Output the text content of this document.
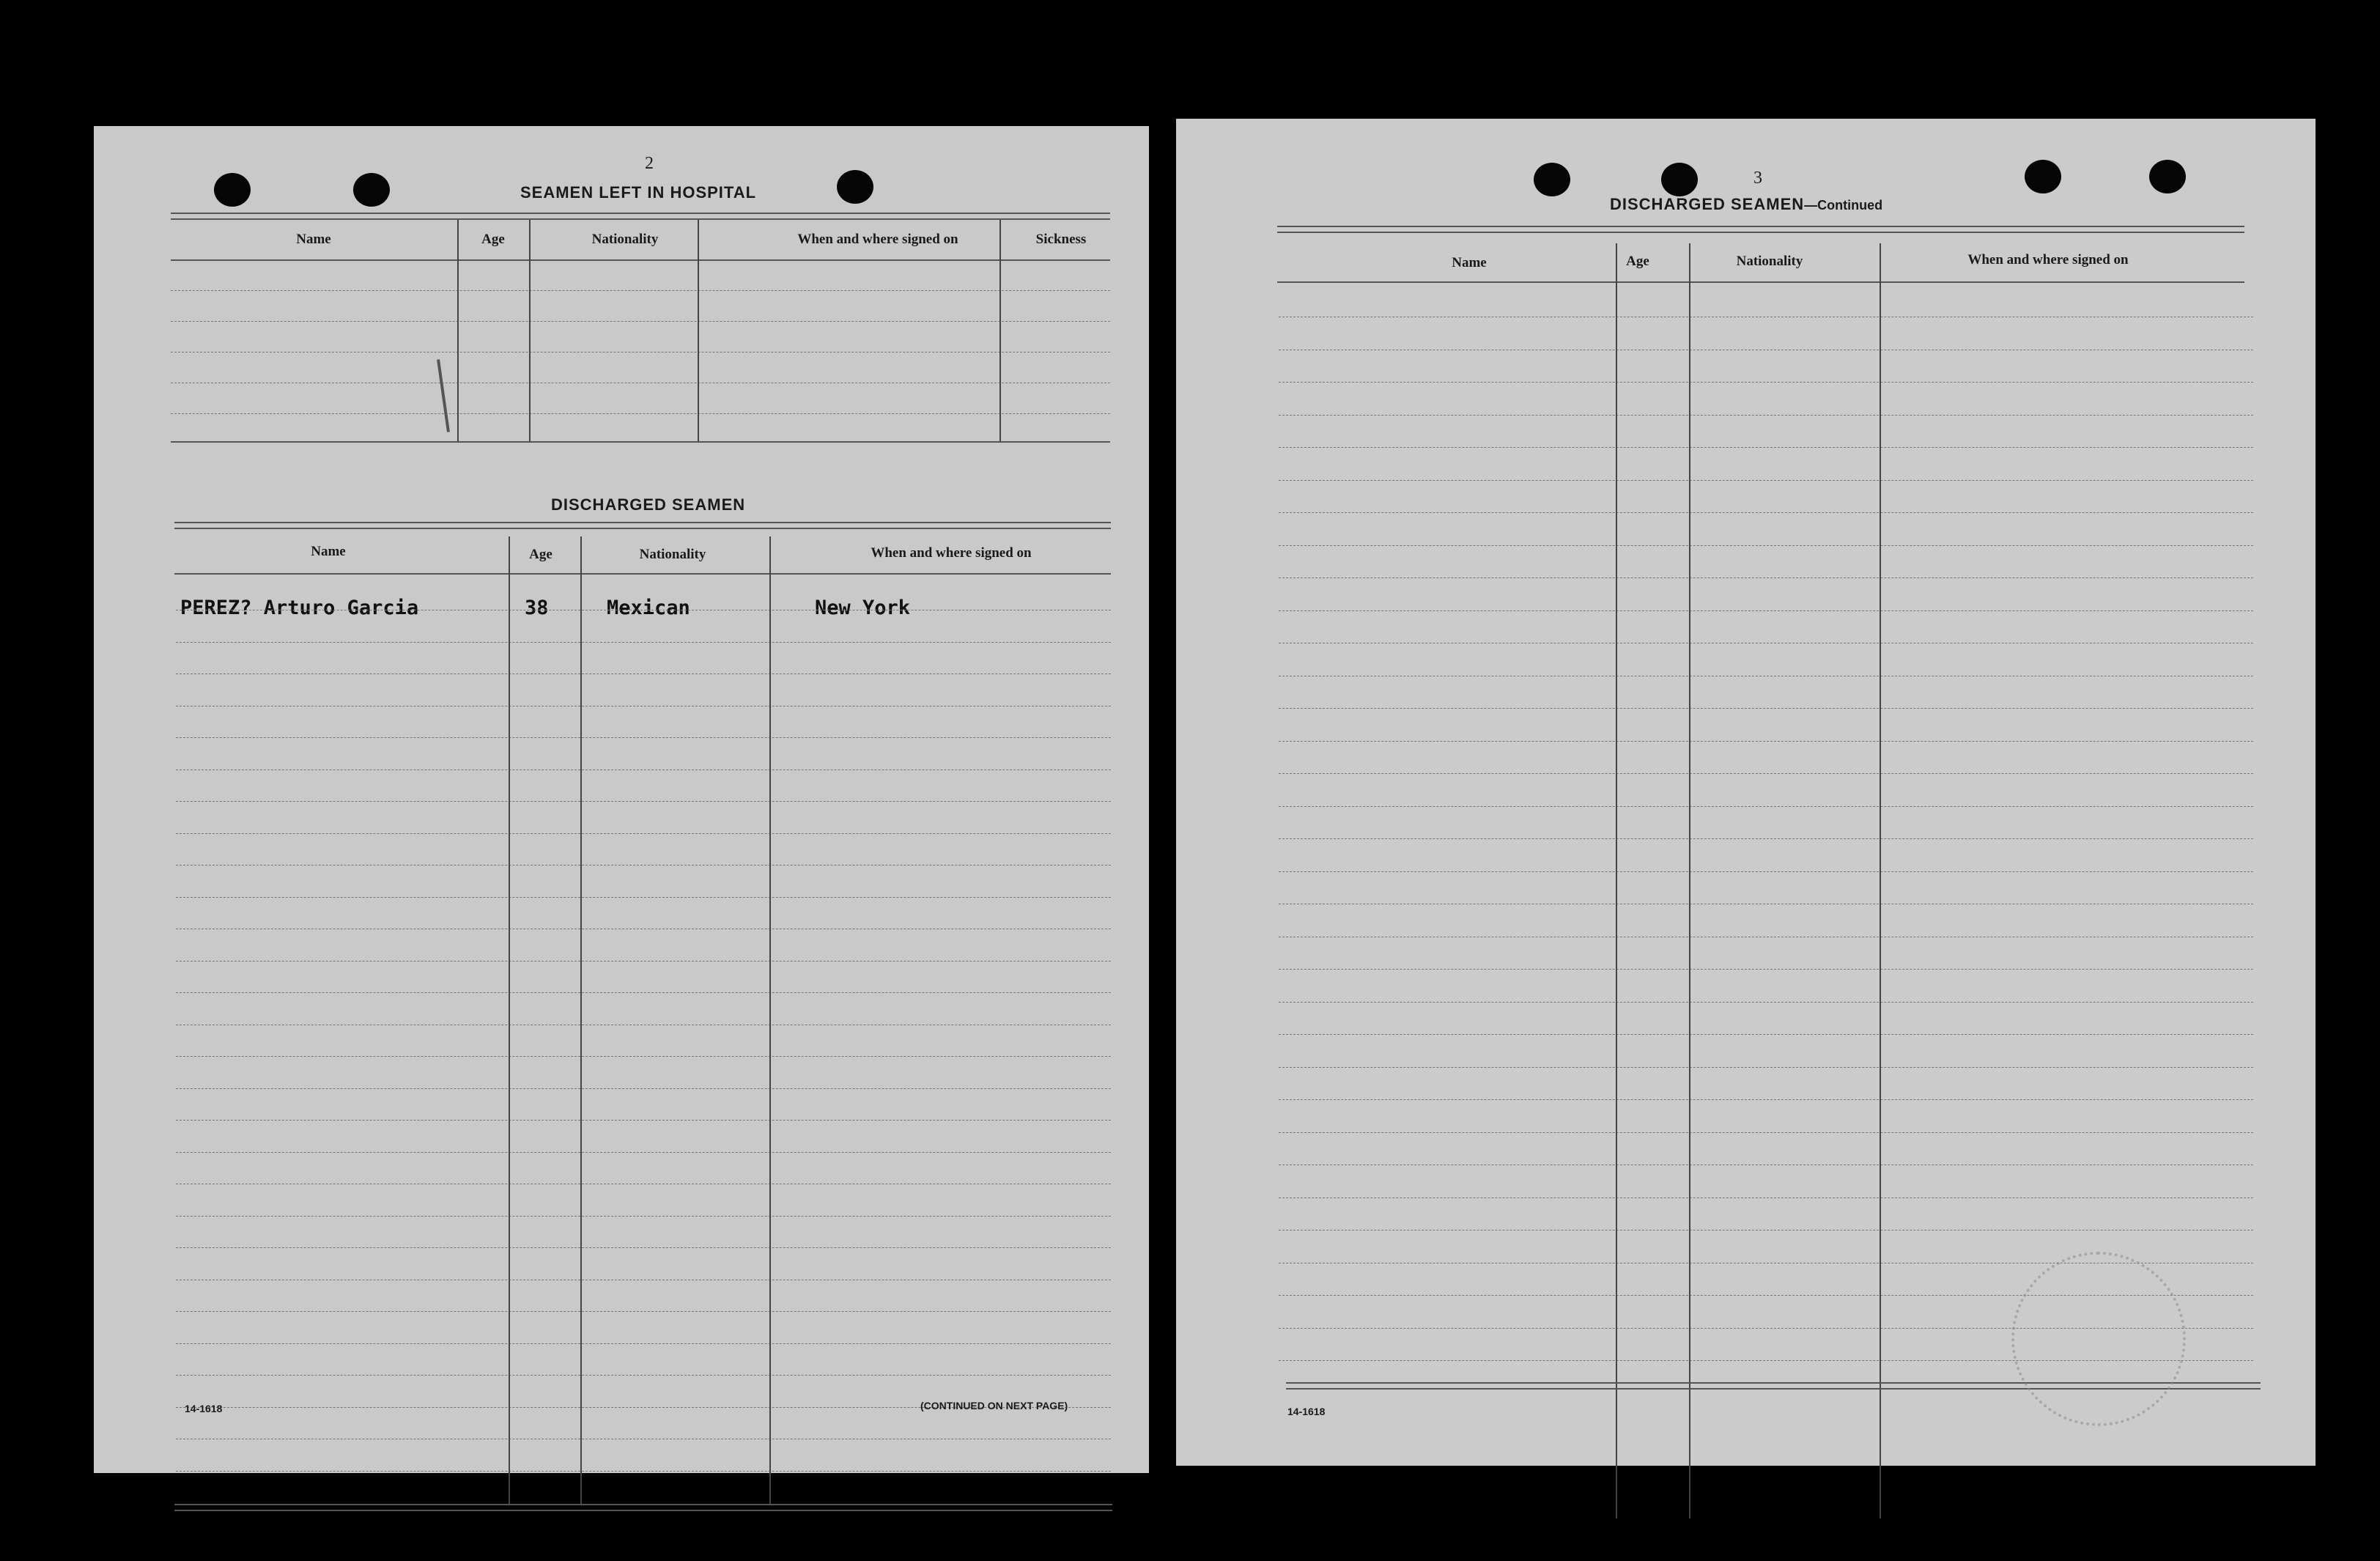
2
SEAMEN LEFT IN HOSPITAL
Name	Age	Nationality	When and where signed on	Sickness
DISCHARGED SEAMEN
Name	Age	Nationality	When and where signed on
PEREZ? Arturo Garcia	38	Mexican	New York
14-1618	(CONTINUED ON NEXT PAGE)
3
DISCHARGED SEAMEN—Continued
Name	Age	Nationality	When and where signed on
14-1618
